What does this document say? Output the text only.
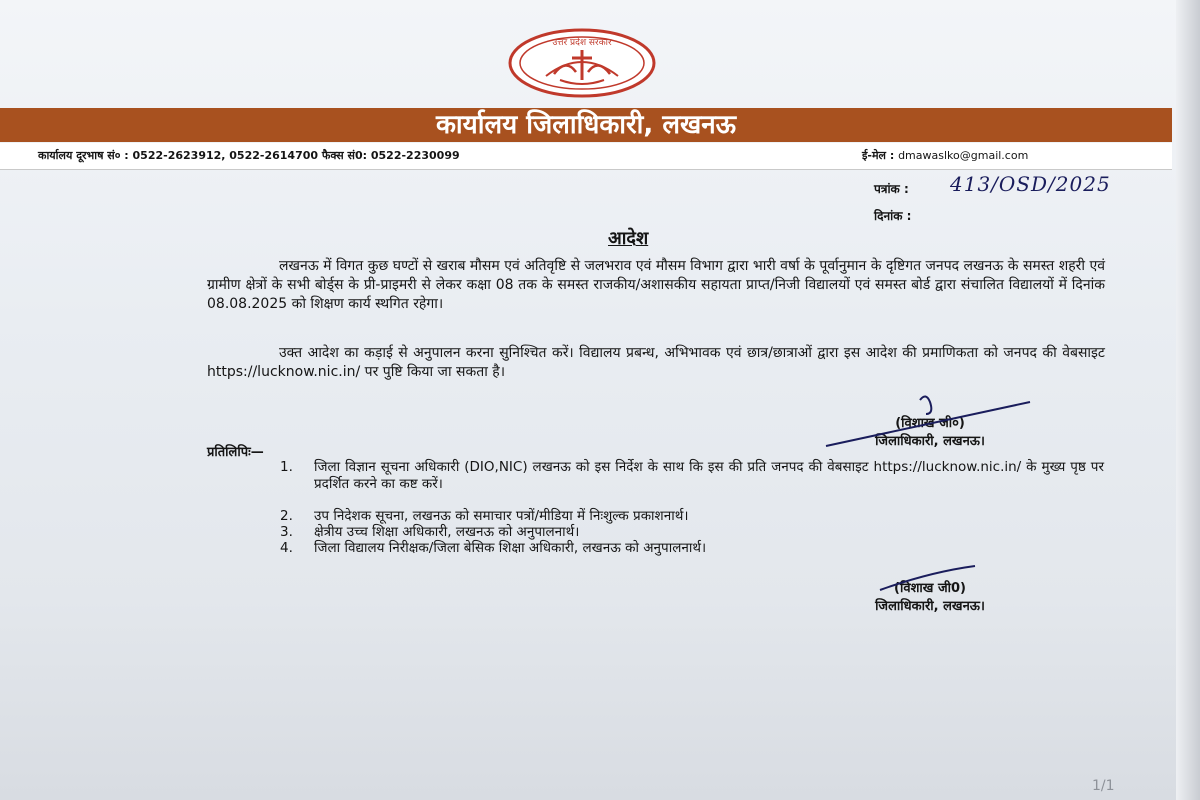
उत्तर प्रदेश सरकार
कार्यालय जिलाधिकारी, लखनऊ
कार्यालय दूरभाष सं० : 0522-2623912, 0522-2614700 फैक्स सं0: 0522-2230099	ई-मेल : dmawaslko@gmail.com
पत्रांक : 413/OSD/2025
दिनांक :
आदेश
लखनऊ में विगत कुछ घण्टों से खराब मौसम एवं अतिवृष्टि से जलभराव एवं मौसम विभाग द्वारा भारी वर्षा के पूर्वानुमान के दृष्टिगत जनपद लखनऊ के समस्त शहरी एवं ग्रामीण क्षेत्रों के सभी बोर्ड्स के प्री-प्राइमरी से लेकर कक्षा 08 तक के समस्त राजकीय/अशासकीय सहायता प्राप्त/निजी विद्यालयों एवं समस्त बोर्ड द्वारा संचालित विद्यालयों में दिनांक 08.08.2025 को शिक्षण कार्य स्थगित रहेगा।
उक्त आदेश का कड़ाई से अनुपालन करना सुनिश्चित करें। विद्यालय प्रबन्ध, अभिभावक एवं छात्र/छात्राओं द्वारा इस आदेश की प्रमाणिकता को जनपद की वेबसाइट https://lucknow.nic.in/ पर पुष्टि किया जा सकता है।
(विशाख जी०)
जिलाधिकारी, लखनऊ।
प्रतिलिपिः—
1.	जिला विज्ञान सूचना अधिकारी (DIO,NIC) लखनऊ को इस निर्देश के साथ कि इस की प्रति जनपद की वेबसाइट https://lucknow.nic.in/ के मुख्य पृष्ठ पर प्रदर्शित करने का कष्ट करें।
2.	उप निदेशक सूचना, लखनऊ को समाचार पत्रों/मीडिया में निःशुल्क प्रकाशनार्थ।
3.	क्षेत्रीय उच्च शिक्षा अधिकारी, लखनऊ को अनुपालनार्थ।
4.	जिला विद्यालय निरीक्षक/जिला बेसिक शिक्षा अधिकारी, लखनऊ को अनुपालनार्थ।
(विशाख जी0)
जिलाधिकारी, लखनऊ।
1/1
